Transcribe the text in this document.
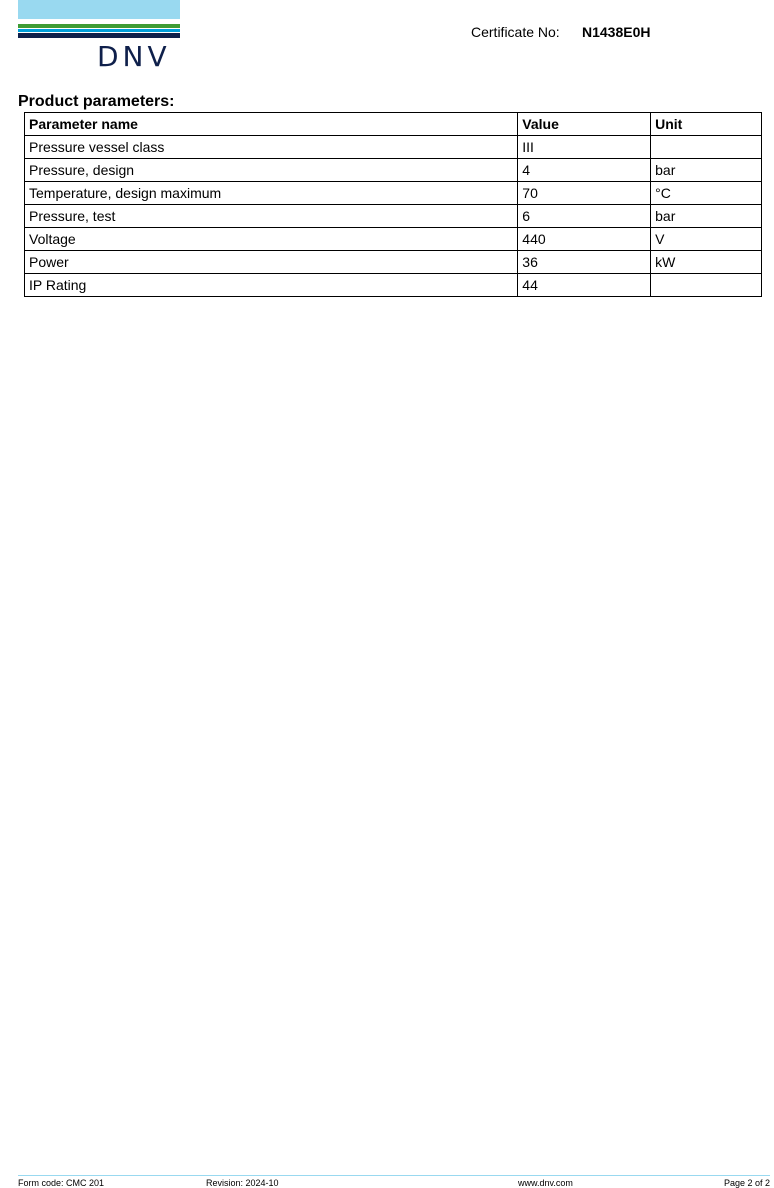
DNV
Certificate No: N1438E0H
Product parameters:
Parameter name	Value	Unit
Pressure vessel class	III	
Pressure, design	4	bar
Temperature, design maximum	70	°C
Pressure, test	6	bar
Voltage	440	V
Power	36	kW
IP Rating	44	
Form code: CMC 201	Revision: 2024-10	www.dnv.com	Page 2 of 2
